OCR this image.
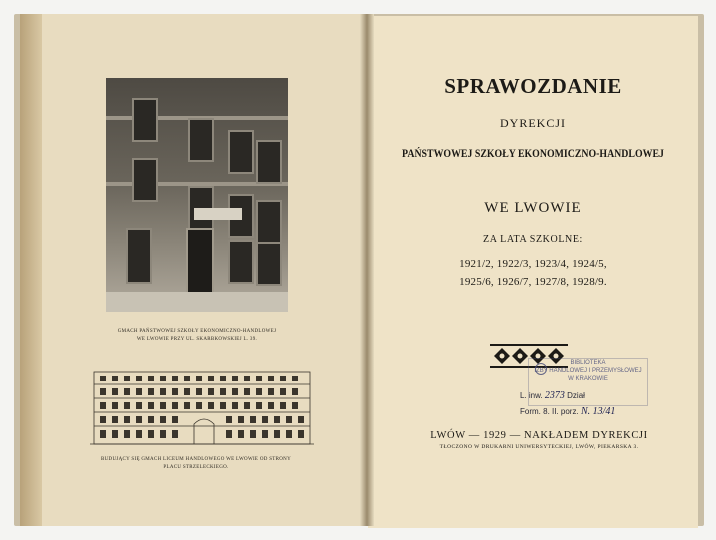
GMACH PAŃSTWOWEJ SZKOŁY EKONOMICZNO-HANDLOWEJ
WE LWOWIE PRZY UL. SKARBKOWSKIEJ L. 39.
BUDUJĄCY SIĘ GMACH LICEUM HANDLOWEGO WE LWOWIE OD STRONY
PLACU STRZELECKIEGO.
SPRAWOZDANIE
DYREKCJI
PAŃSTWOWEJ SZKOŁY EKONOMICZNO-HANDLOWEJ
WE LWOWIE
ZA LATA SZKOLNE:
1921/2, 1922/3, 1923/4, 1924/5,
1925/6, 1926/7, 1927/8, 1928/9.
BIBLIOTEKA
IZBY HANDLOWEJ I PRZEMYSŁOWEJ
W KRAKOWIE
L. inw. 2373 Dział
Form. 8. II. porz. N. 13/41
LWÓW — 1929 — NAKŁADEM DYREKCJI
TŁOCZONO W DRUKARNI UNIWERSYTECKIEJ, LWÓW, PIEKARSKA 3.
